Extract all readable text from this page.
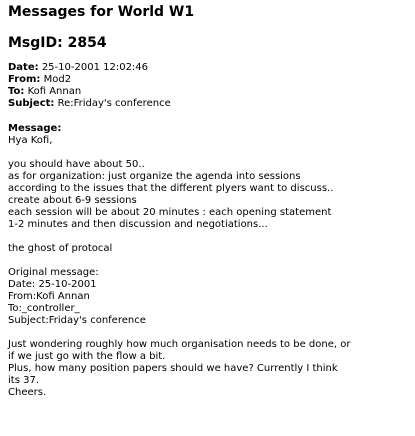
Messages for World W1
MsgID: 2854
Date: 25-10-2001 12:02:46
From: Mod2
To: Kofi Annan
Subject: Re:Friday's conference
Message:
Hya Kofi,

you should have about 50..
as for organization: just organize the agenda into sessions
according to the issues that the different plyers want to discuss..
create about 6-9 sessions
each session will be about 20 minutes : each opening statement
1-2 minutes and then discussion and negotiations...

the ghost of protocal

Original message:
Date: 25-10-2001
From:Kofi Annan
To:_controller_
Subject:Friday's conference

Just wondering roughly how much organisation needs to be done, or
if we just go with the flow a bit.
Plus, how many position papers should we have? Currently I think
its 37.
Cheers.
